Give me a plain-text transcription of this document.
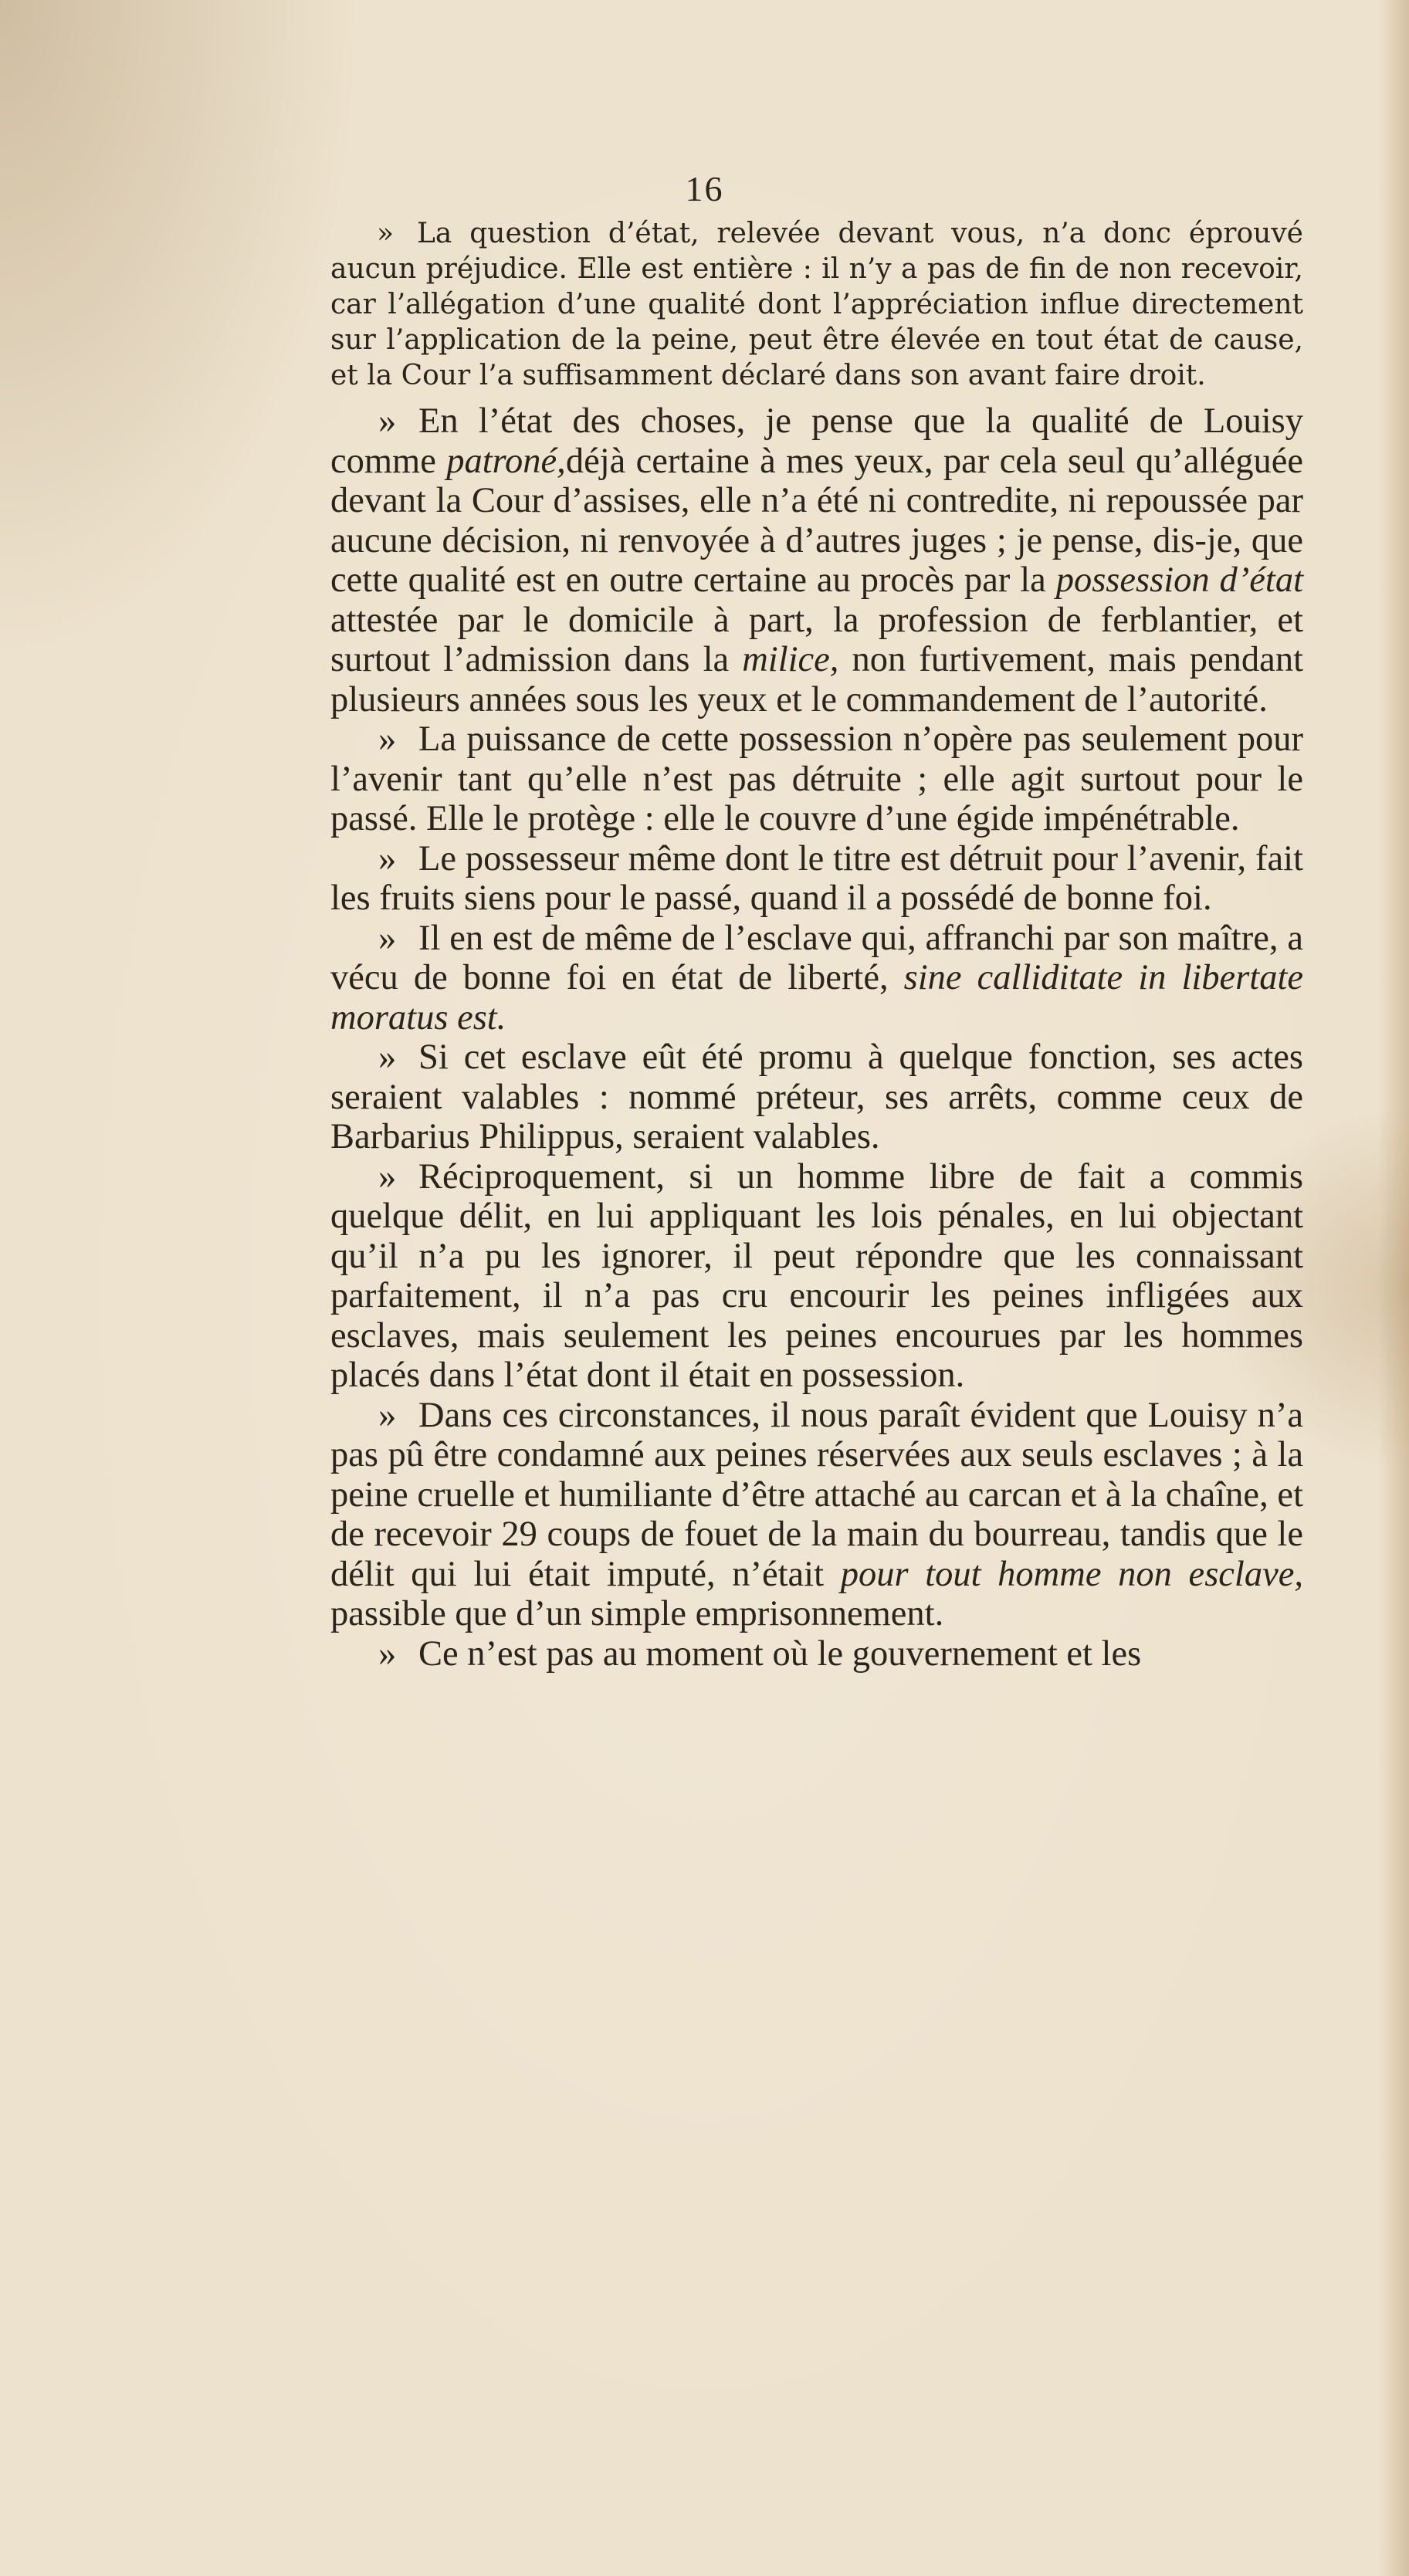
16

» La question d’état, relevée devant vous, n’a donc éprouvé aucun préjudice. Elle est entière : il n’y a pas de fin de non recevoir, car l’allégation d’une qualité dont l’appréciation influe directement sur l’application de la peine, peut être élevée en tout état de cause, et la Cour l’a suffisamment déclaré dans son avant faire droit.

» En l’état des choses, je pense que la qualité de Louisy comme patroné,déjà certaine à mes yeux, par cela seul qu’alléguée devant la Cour d’assises, elle n’a été ni contredite, ni repoussée par aucune décision, ni renvoyée à d’autres juges ; je pense, dis-je, que cette qualité est en outre certaine au procès par la possession d’état attestée par le domicile à part, la profession de ferblantier, et surtout l’admission dans la milice, non furtivement, mais pendant plusieurs années sous les yeux et le commandement de l’autorité.

» La puissance de cette possession n’opère pas seulement pour l’avenir tant qu’elle n’est pas détruite ; elle agit surtout pour le passé. Elle le protège : elle le couvre d’une égide impénétrable.

» Le possesseur même dont le titre est détruit pour l’avenir, fait les fruits siens pour le passé, quand il a possédé de bonne foi.

» Il en est de même de l’esclave qui, affranchi par son maître, a vécu de bonne foi en état de liberté, sine calliditate in libertate moratus est.

» Si cet esclave eût été promu à quelque fonction, ses actes seraient valables : nommé préteur, ses arrêts, comme ceux de Barbarius Philippus, seraient valables.

» Réciproquement, si un homme libre de fait a commis quelque délit, en lui appliquant les lois pénales, en lui objectant qu’il n’a pu les ignorer, il peut répondre que les connaissant parfaitement, il n’a pas cru encourir les peines infligées aux esclaves, mais seulement les peines encourues par les hommes placés dans l’état dont il était en possession.

» Dans ces circonstances, il nous paraît évident que Louisy n’a pas pû être condamné aux peines réservées aux seuls esclaves ; à la peine cruelle et humiliante d’être attaché au carcan et à la chaîne, et de recevoir 29 coups de fouet de la main du bourreau, tandis que le délit qui lui était imputé, n’était pour tout homme non esclave, passible que d’un simple emprisonnement.

» Ce n’est pas au moment où le gouvernement et les
